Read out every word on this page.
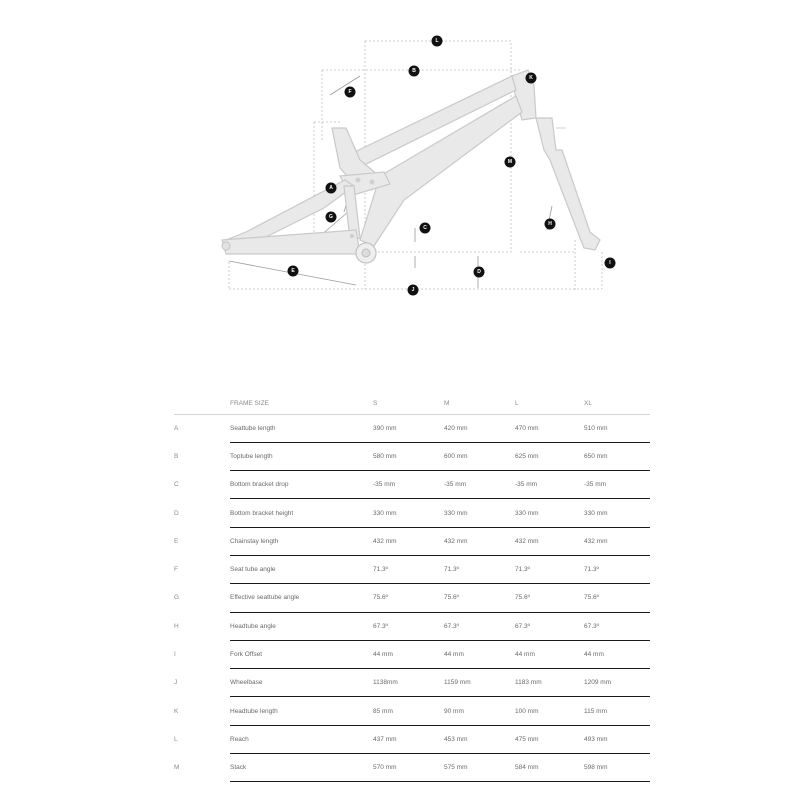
L
B
K
F
M
A
G
C
H
E	D
I
J
	FRAME SIZE	S	M	L	XL
A	Seattube length	390 mm	420 mm	470 mm	510 mm
B	Toptube length	580 mm	600 mm	625 mm	650 mm
C	Bottom bracket drop	-35 mm	-35 mm	-35 mm	-35 mm
D	Bottom bracket height	330 mm	330 mm	330 mm	330 mm
E	Chainstay length	432 mm	432 mm	432 mm	432 mm
F	Seat tube angle	71.3º	71.3º	71.3º	71.3º
G	Effective seattube angle	75.6º	75.6º	75.6º	75.6º
H	Headtube angle	67.3º	67.3º	67.3º	67.3º
I	Fork Offset	44 mm	44 mm	44 mm	44 mm
J	Wheelbase	1138mm	1159 mm	1183 mm	1209 mm
K	Headtube length	85 mm	90 mm	100 mm	115 mm
L	Reach	437 mm	453 mm	475 mm	493 mm
M	Stack	570 mm	575 mm	584 mm	598 mm
